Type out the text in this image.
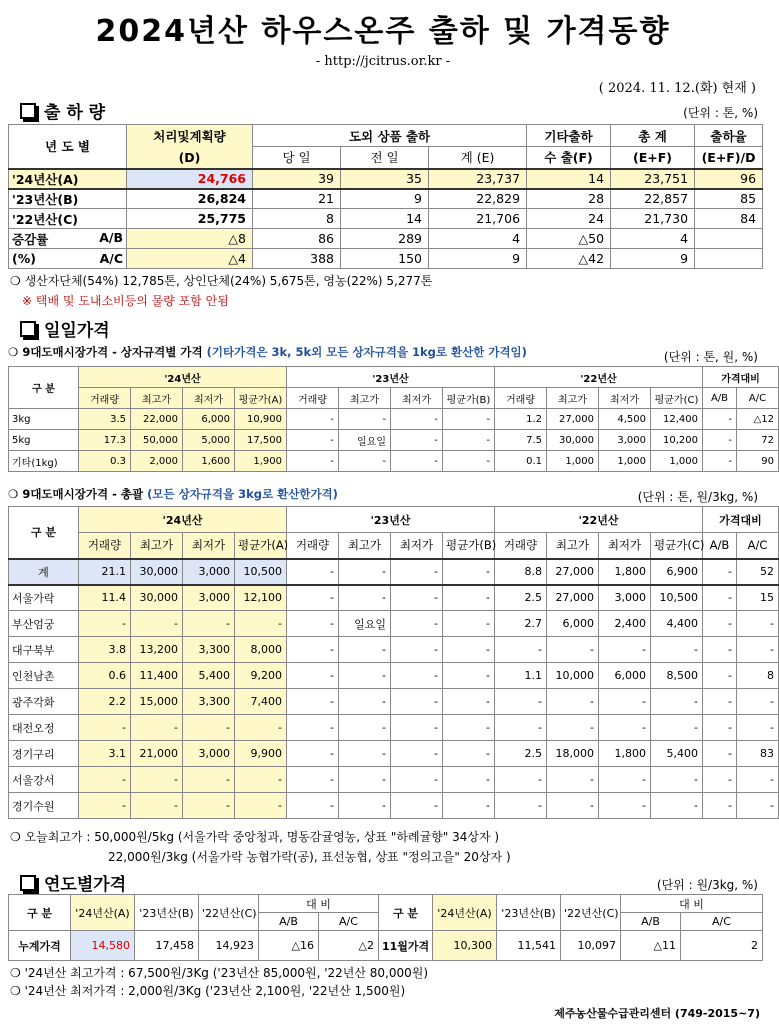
2024년산 하우스온주 출하 및 가격동향
- http://jcitrus.or.kr -
( 2024. 11. 12.(화) 현재 )
출 하 량	(단위 : 톤, %)
년 도 별	처리및계획량	도외 상품 출하			기타출하	총 계	출하율
	(D)	당 일	전 일	계 (E)	수 출(F)	(E+F)	(E+F)/D
'24년산(A)	24,766	39	35	23,737	14	23,751	96
'23년산(B)	26,824	21	9	22,829	28	22,857	85
'22년산(C)	25,775	8	14	21,706	24	21,730	84

증감률 A/B	△8	86	289	4	△50	4	

(%) A/C	△4	388	150	9	△42	9	
❍ 생산자단체(54%) 12,785톤, 상인단체(24%) 5,675톤, 영농(22%) 5,277톤
※ 택배 및 도내소비등의 물량 포함 안됨
일일가격
❍ 9대도매시장가격 - 상자규격별 가격 (기타가격은 3k, 5k외 모든 상자규격을 1kg로 환산한 가격임)	(단위 : 톤, 원, %)
구 분	'24년산				'23년산				'22년산				가격대비	
	거래량	최고가	최저가	평균가(A)	거래량	최고가	최저가	평균가(B)	거래량	최고가	최저가	평균가(C)	A/B	A/C
3kg	3.5	22,000	6,000	10,900	-	-	-	-	1.2	27,000	4,500	12,400	-	△12
5kg	17.3	50,000	5,000	17,500	-	일요일	-	-	7.5	30,000	3,000	10,200	-	72
기타(1kg)	0.3	2,000	1,600	1,900	-	-	-	-	0.1	1,000	1,000	1,000	-	90
❍ 9대도매시장가격 - 총괄 (모든 상자규격을 3kg로 환산한가격)	(단위 : 톤, 원/3kg, %)
구 분	'24년산				'23년산				'22년산				가격대비	
	거래량	최고가	최저가	평균가(A)	거래량	최고가	최저가	평균가(B)	거래량	최고가	최저가	평균가(C)	A/B	A/C
계	21.1	30,000	3,000	10,500	-	-	-	-	8.8	27,000	1,800	6,900	-	52
서울가락	11.4	30,000	3,000	12,100	-	-	-	-	2.5	27,000	3,000	10,500	-	15
부산엄궁	-	-	-	-	-	일요일	-	-	2.7	6,000	2,400	4,400	-	-
대구북부	3.8	13,200	3,300	8,000	-	-	-	-	-	-	-	-	-	-
인천남촌	0.6	11,400	5,400	9,200	-	-	-	-	1.1	10,000	6,000	8,500	-	8
광주각화	2.2	15,000	3,300	7,400	-	-	-	-	-	-	-	-	-	-
대전오정	-	-	-	-	-	-	-	-	-	-	-	-	-	-
경기구리	3.1	21,000	3,000	9,900	-	-	-	-	2.5	18,000	1,800	5,400	-	83
서울강서	-	-	-	-	-	-	-	-	-	-	-	-	-	-
경기수원	-	-	-	-	-	-	-	-	-	-	-	-	-	-
❍ 오늘최고가 : 50,000원/5kg (서울가락 중앙청과, 명동감귤영농, 상표 "하례귤향" 34상자 )
22,000원/3kg (서울가락 농협가락(공), 표선농협, 상표 "정의고을" 20상자 )
연도별가격	(단위 : 원/3kg, %)
구 분	'24년산(A)	'23년산(B)	'22년산(C)	대 비		구 분	'24년산(A)	'23년산(B)	'22년산(C)	대 비	
				A/B	A/C					A/B	A/C
누계가격	14,580	17,458	14,923	△16	△2	11월가격	10,300	11,541	10,097	△11	2
❍ '24년산 최고가격 : 67,500원/3Kg ('23년산 85,000원, '22년산 80,000원)
❍ '24년산 최저가격 : 2,000원/3Kg ('23년산 2,100원, '22년산 1,500원)
제주농산물수급관리센터 (749-2015~7)
